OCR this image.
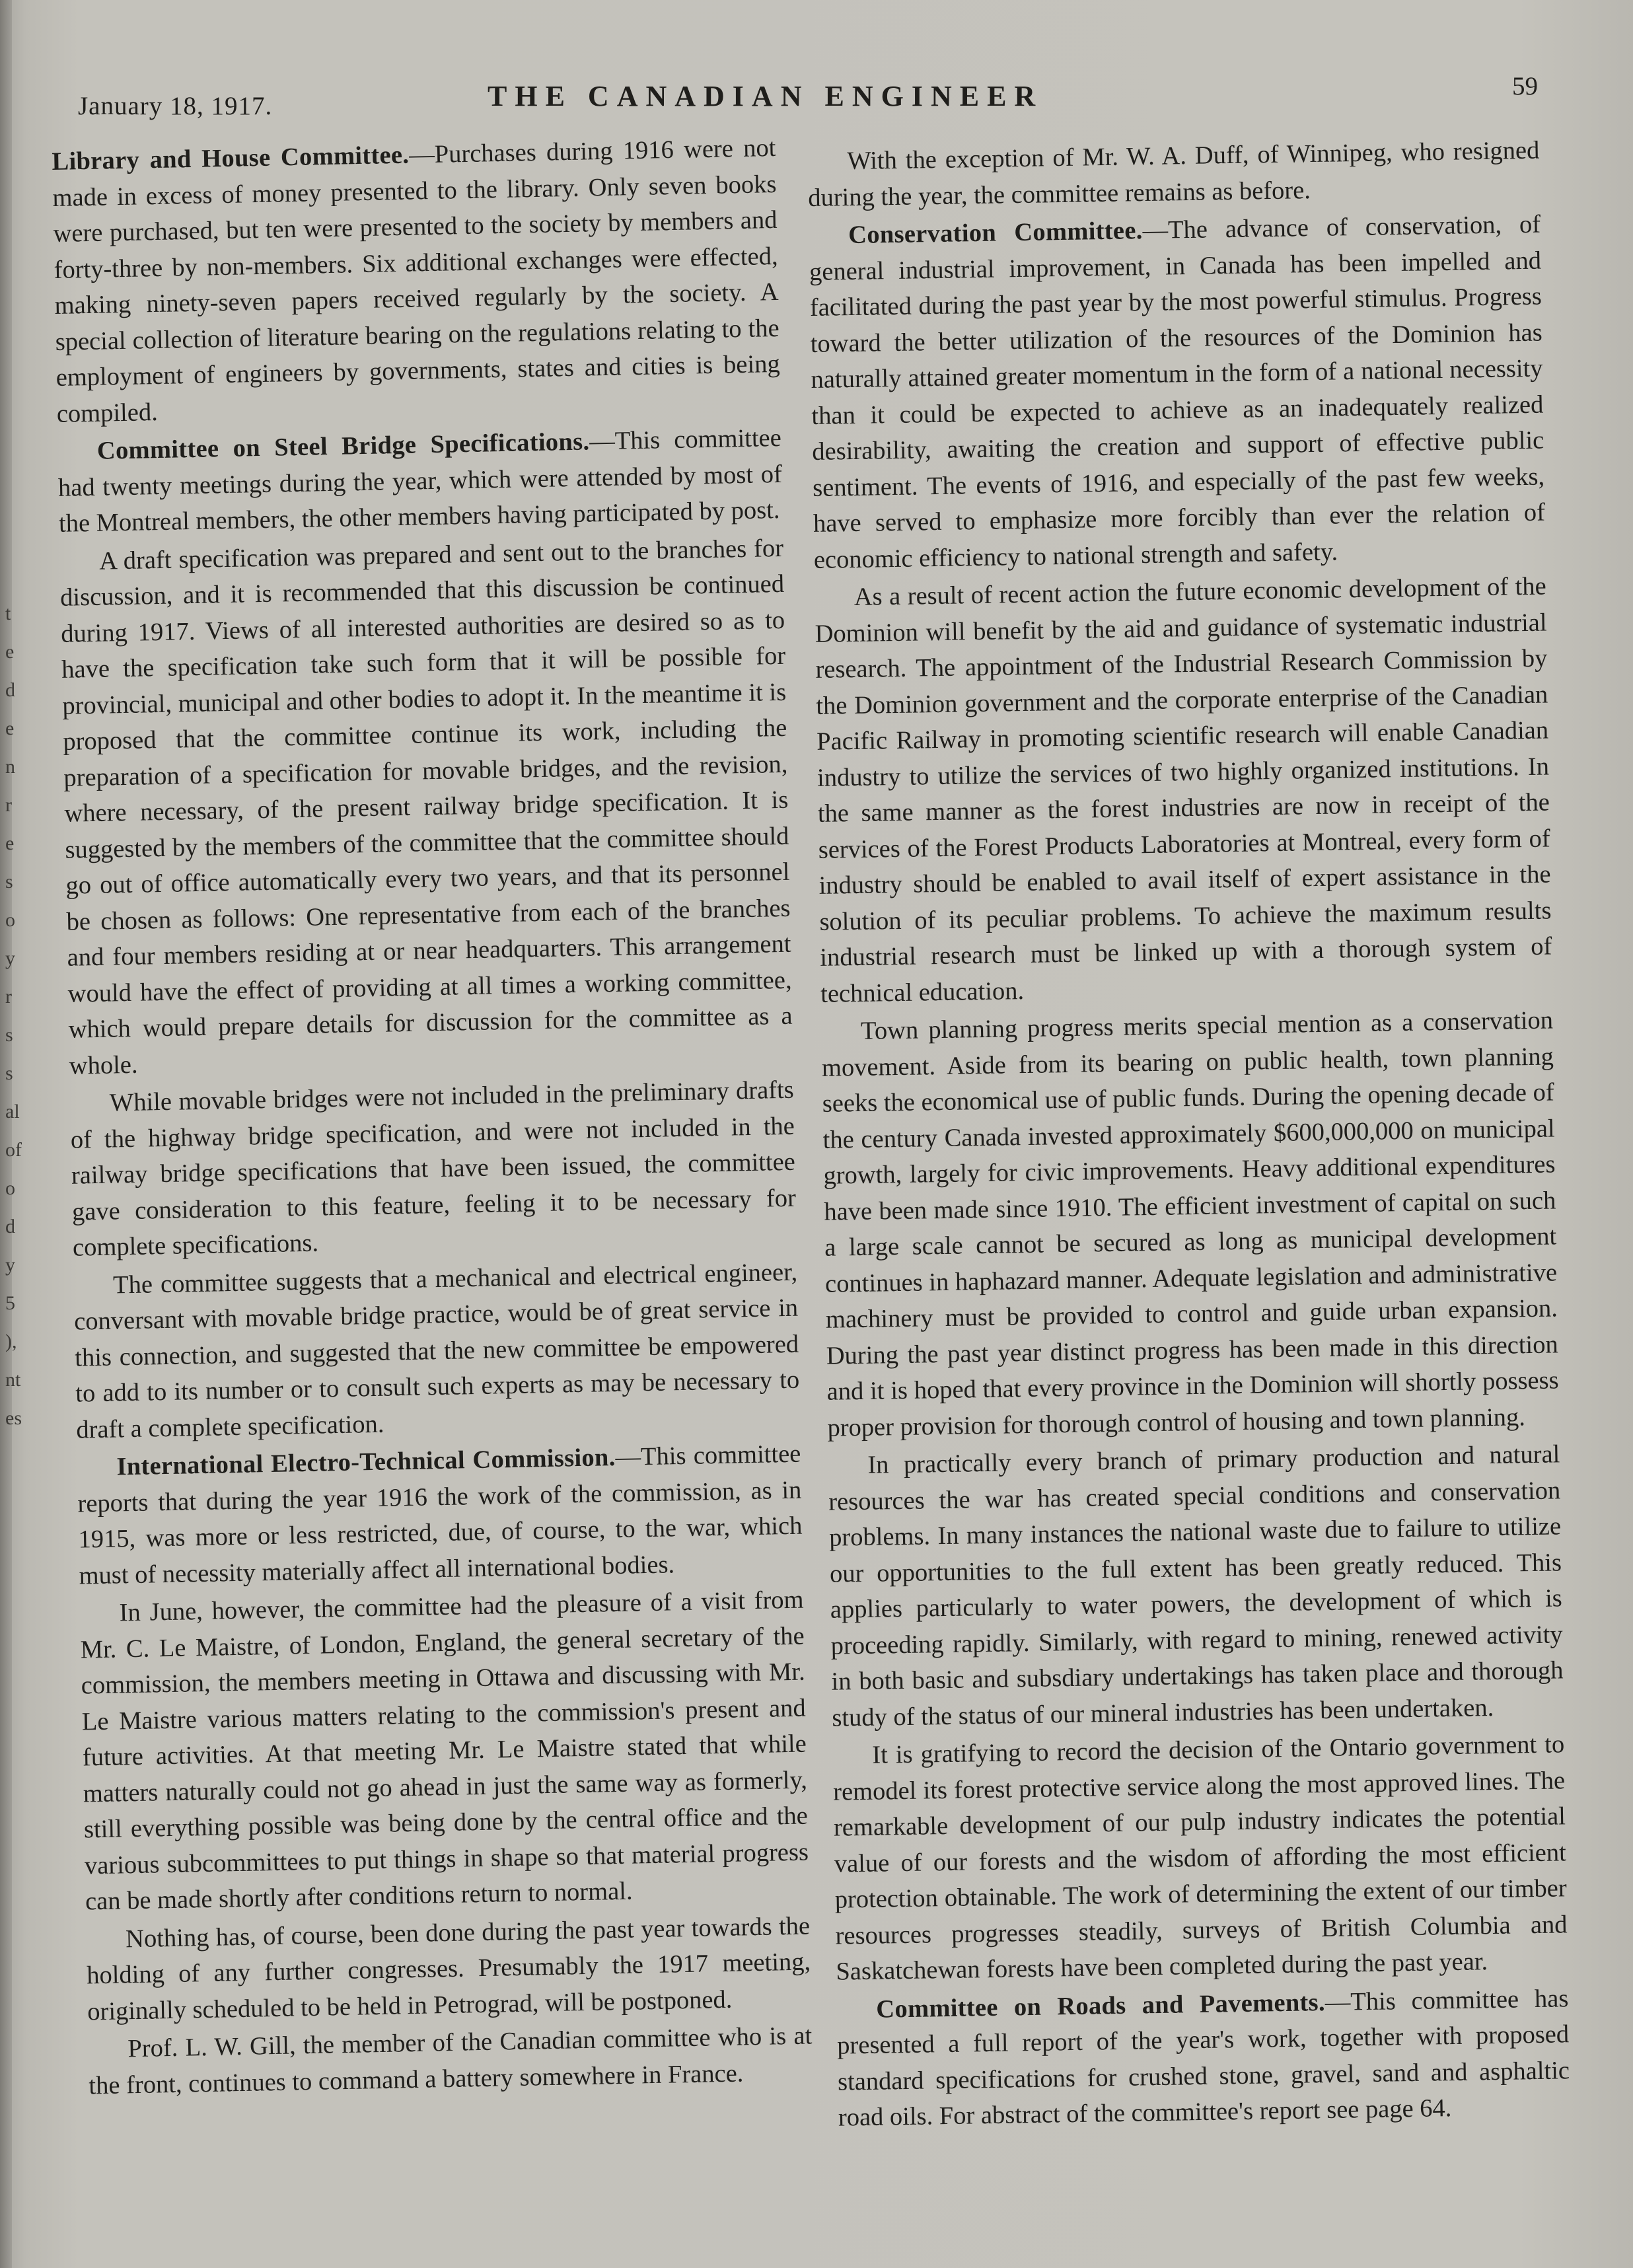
t
e
d
e
n
r
e
s
o
y
r
s
s
al
of
o
d
y
5
),
nt
es
January 18, 1917.	THE CANADIAN ENGINEER	59

Library and House Committee.—Purchases during 1916 were not made in excess of money presented to the library. Only seven books were purchased, but ten were presented to the society by members and forty-three by non-members. Six additional exchanges were effected, making ninety-seven papers received regularly by the society. A special collection of literature bearing on the regulations relating to the employment of engineers by governments, states and cities is being compiled.

Committee on Steel Bridge Specifications.—This committee had twenty meetings during the year, which were attended by most of the Montreal members, the other members having participated by post.

A draft specification was prepared and sent out to the branches for discussion, and it is recommended that this discussion be continued during 1917. Views of all interested authorities are desired so as to have the specification take such form that it will be possible for provincial, municipal and other bodies to adopt it. In the meantime it is proposed that the committee continue its work, including the preparation of a specification for movable bridges, and the revision, where necessary, of the present railway bridge specification. It is suggested by the members of the committee that the committee should go out of office automatically every two years, and that its personnel be chosen as follows: One representative from each of the branches and four members residing at or near headquarters. This arrangement would have the effect of providing at all times a working committee, which would prepare details for discussion for the committee as a whole.

While movable bridges were not included in the preliminary drafts of the highway bridge specification, and were not included in the railway bridge specifications that have been issued, the committee gave consideration to this feature, feeling it to be necessary for complete specifications.

The committee suggests that a mechanical and electrical engineer, conversant with movable bridge practice, would be of great service in this connection, and suggested that the new committee be empowered to add to its number or to consult such experts as may be necessary to draft a complete specification.

International Electro-Technical Commission.—This committee reports that during the year 1916 the work of the commission, as in 1915, was more or less restricted, due, of course, to the war, which must of necessity materially affect all international bodies.

In June, however, the committee had the pleasure of a visit from Mr. C. Le Maistre, of London, England, the general secretary of the commission, the members meeting in Ottawa and discussing with Mr. Le Maistre various matters relating to the commission's present and future activities. At that meeting Mr. Le Maistre stated that while matters naturally could not go ahead in just the same way as formerly, still everything possible was being done by the central office and the various subcommittees to put things in shape so that material progress can be made shortly after conditions return to normal.

Nothing has, of course, been done during the past year towards the holding of any further congresses. Presumably the 1917 meeting, originally scheduled to be held in Petrograd, will be postponed.

Prof. L. W. Gill, the member of the Canadian committee who is at the front, continues to command a battery somewhere in France.

With the exception of Mr. W. A. Duff, of Winnipeg, who resigned during the year, the committee remains as before.

Conservation Committee.—The advance of conservation, of general industrial improvement, in Canada has been impelled and facilitated during the past year by the most powerful stimulus. Progress toward the better utilization of the resources of the Dominion has naturally attained greater momentum in the form of a national necessity than it could be expected to achieve as an inadequately realized desirability, awaiting the creation and support of effective public sentiment. The events of 1916, and especially of the past few weeks, have served to emphasize more forcibly than ever the relation of economic efficiency to national strength and safety.

As a result of recent action the future economic development of the Dominion will benefit by the aid and guidance of systematic industrial research. The appointment of the Industrial Research Commission by the Dominion government and the corporate enterprise of the Canadian Pacific Railway in promoting scientific research will enable Canadian industry to utilize the services of two highly organized institutions. In the same manner as the forest industries are now in receipt of the services of the Forest Products Laboratories at Montreal, every form of industry should be enabled to avail itself of expert assistance in the solution of its peculiar problems. To achieve the maximum results industrial research must be linked up with a thorough system of technical education.

Town planning progress merits special mention as a conservation movement. Aside from its bearing on public health, town planning seeks the economical use of public funds. During the opening decade of the century Canada invested approximately $600,000,000 on municipal growth, largely for civic improvements. Heavy additional expenditures have been made since 1910. The efficient investment of capital on such a large scale cannot be secured as long as municipal development continues in haphazard manner. Adequate legislation and administrative machinery must be provided to control and guide urban expansion. During the past year distinct progress has been made in this direction and it is hoped that every province in the Dominion will shortly possess proper provision for thorough control of housing and town planning.

In practically every branch of primary production and natural resources the war has created special conditions and conservation problems. In many instances the national waste due to failure to utilize our opportunities to the full extent has been greatly reduced. This applies particularly to water powers, the development of which is proceeding rapidly. Similarly, with regard to mining, renewed activity in both basic and subsdiary undertakings has taken place and thorough study of the status of our mineral industries has been undertaken.

It is gratifying to record the decision of the Ontario government to remodel its forest protective service along the most approved lines. The remarkable development of our pulp industry indicates the potential value of our forests and the wisdom of affording the most efficient protection obtainable. The work of determining the extent of our timber resources progresses steadily, surveys of British Columbia and Saskatchewan forests have been completed during the past year.

Committee on Roads and Pavements.—This committee has presented a full report of the year's work, together with proposed standard specifications for crushed stone, gravel, sand and asphaltic road oils. For abstract of the committee's report see page 64.
